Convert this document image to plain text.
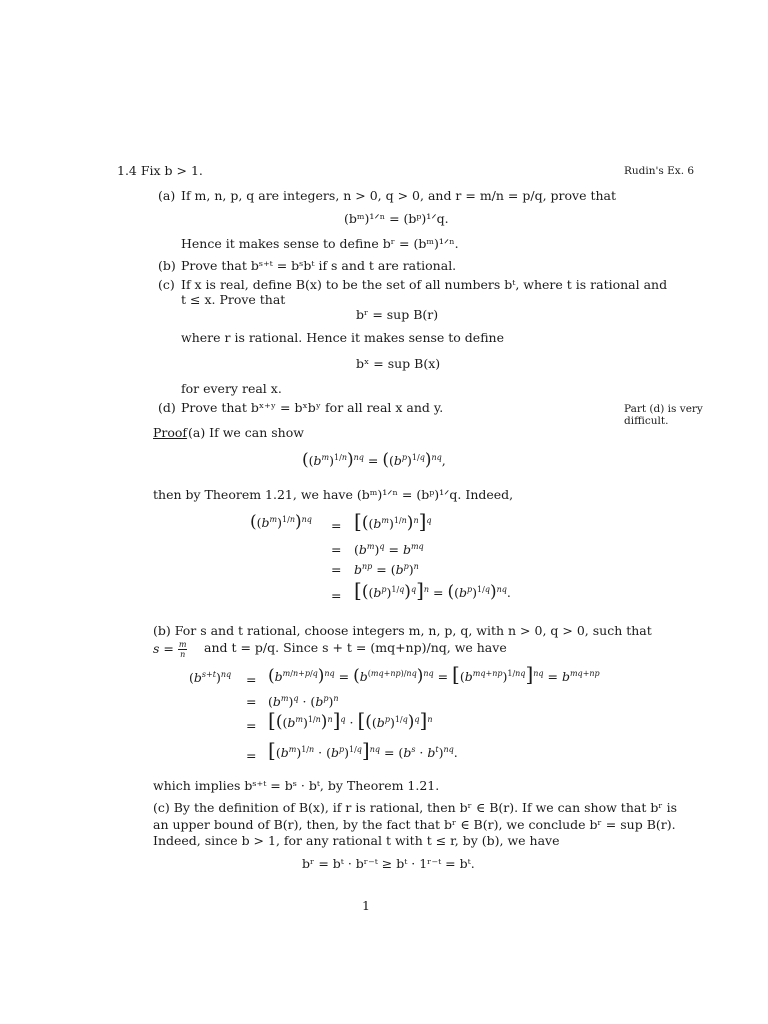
1.4 Fix b > 1.	Rudin's Ex. 6
(a) If m, n, p, q are integers, n > 0, q > 0, and r = m/n = p/q, prove that
(bᵐ)¹ᐟⁿ = (bᵖ)¹ᐟq.
Hence it makes sense to define bʳ = (bᵐ)¹ᐟⁿ.
(b) Prove that bˢ⁺ᵗ = bˢbᵗ if s and t are rational.
(c) If x is real, define B(x) to be the set of all numbers bᵗ, where t is rational and
t ≤ x. Prove that
bʳ = sup B(r)
where r is rational. Hence it makes sense to define
bˣ = sup B(x)
for every real x.
(d) Prove that bˣ⁺ʸ = bˣbʸ for all real x and y.	Part (d) is very
difficult.
Proof (a) If we can show
$((b^m)^{1/n})^{nq} = ((b^p)^{1/q})^{nq}$,
then by Theorem 1.21, we have (bᵐ)¹ᐟⁿ = (bᵖ)¹ᐟq. Indeed,
$((b^m)^{1/n})^{nq} = [((b^m)^{1/n})^n]^q$
= $(b^m)^q = b^{mq}$
= $b^{np} = (b^p)^n$
= $[((b^p)^{1/q})^q]^n = ((b^p)^{1/q})^{nq}$.
(b) For s and t rational, choose integers m, n, p, q, with n > 0, q > 0, such that
$s = \frac{m}{n}$ and t = p/q. Since s + t = (mq+np)/nq, we have
$(b^{s+t})^{nq} = (b^{m/n+p/q})^{nq} = (b^{(mq+np)/nq})^{nq} = [(b^{mq+np})^{1/nq}]^{nq} = b^{mq+np}$
= $(b^m)^q \cdot (b^p)^n$
= $[((b^m)^{1/n})^n]^q \cdot [((b^p)^{1/q})^q]^n$
= $[(b^m)^{1/n} \cdot (b^p)^{1/q}]^{nq} = (b^s \cdot b^t)^{nq}$.
which implies bˢ⁺ᵗ = bˢ · bᵗ, by Theorem 1.21.
(c) By the definition of B(x), if r is rational, then bʳ ∈ B(r). If we can show that bʳ is
an upper bound of B(r), then, by the fact that bʳ ∈ B(r), we conclude bʳ = sup B(r).
Indeed, since b > 1, for any rational t with t ≤ r, by (b), we have
bʳ = bᵗ · bʳ⁻ᵗ ≥ bᵗ · 1ʳ⁻ᵗ = bᵗ.
1
